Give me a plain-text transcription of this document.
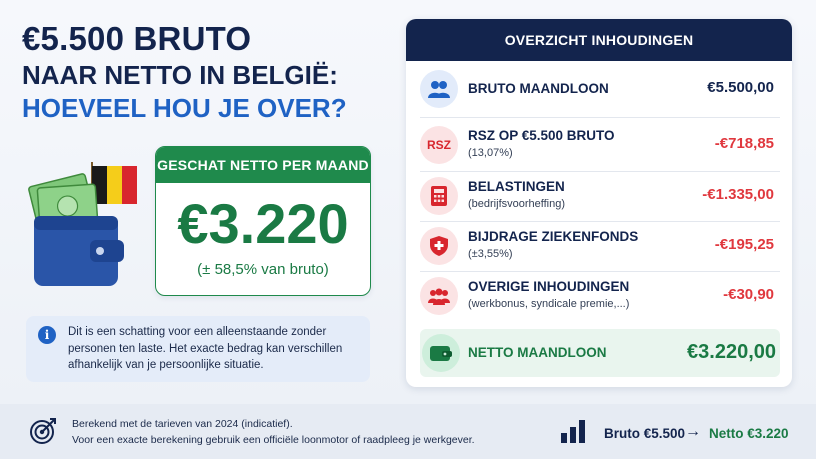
€5.500 BRUTO
NAAR NETTO IN BELGIË:
HOEVEEL HOU JE OVER?
GESCHAT NETTO PER MAAND
€3.220
(± 58,5% van bruto)
i	Dit is een schatting voor een alleenstaande zonder personen ten laste. Het exacte bedrag kan verschillen afhankelijk van je persoonlijke situatie.
OVERZICHT INHOUDINGEN
BRUTO MAANDLOON	€5.500,00
RSZ
RSZ OP €5.500 BRUTO
(13,07%)
-€718,85
BELASTINGEN
(bedrijfsvoorheffing)
-€1.335,00
BIJDRAGE ZIEKENFONDS
(±3,55%)
-€195,25
OVERIGE INHOUDINGEN
(werkbonus, syndicale premie,...)
-€30,90
NETTO MAANDLOON	€3.220,00
Berekend met de tarieven van 2024 (indicatief).
Voor een exacte berekening gebruik een officiële loonmotor of raadpleeg je werkgever.	Bruto €5.500 → Netto €3.220
